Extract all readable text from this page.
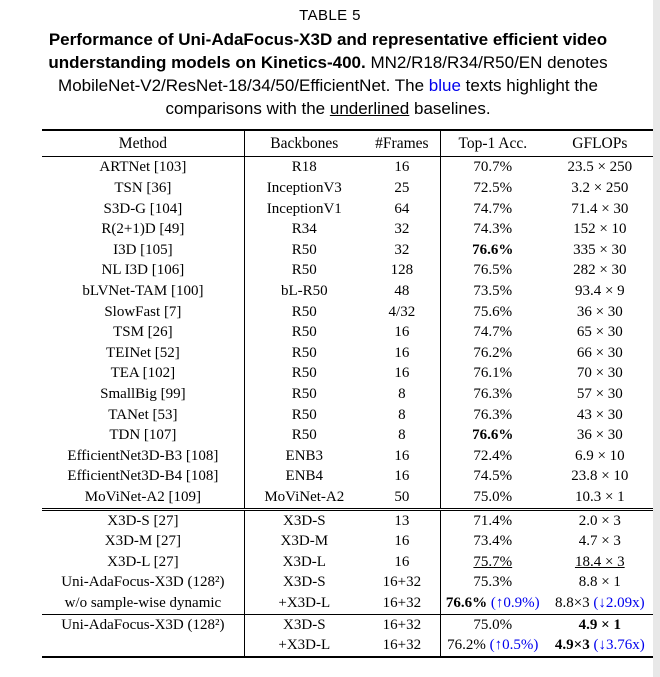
TABLE 5

Performance of Uni-AdaFocus-X3D and representative efficient video understanding models on Kinetics-400. MN2/R18/R34/R50/EN denotes MobileNet-V2/ResNet-18/34/50/EfficientNet. The blue texts highlight the comparisons with the underlined baselines.

Method	Backbones	#Frames	Top-1 Acc.	GFLOPs
ARTNet [103]	R18	16	70.7%	23.5 × 250
TSN [36]	InceptionV3	25	72.5%	3.2 × 250
S3D-G [104]	InceptionV1	64	74.7%	71.4 × 30
R(2+1)D [49]	R34	32	74.3%	152 × 10
I3D [105]	R50	32	76.6%	335 × 30
NL I3D [106]	R50	128	76.5%	282 × 30
bLVNet-TAM [100]	bL-R50	48	73.5%	93.4 × 9
SlowFast [7]	R50	4/32	75.6%	36 × 30
TSM [26]	R50	16	74.7%	65 × 30
TEINet [52]	R50	16	76.2%	66 × 30
TEA [102]	R50	16	76.1%	70 × 30
SmallBig [99]	R50	8	76.3%	57 × 30
TANet [53]	R50	8	76.3%	43 × 30
TDN [107]	R50	8	76.6%	36 × 30
EfficientNet3D-B3 [108]	ENB3	16	72.4%	6.9 × 10
EfficientNet3D-B4 [108]	ENB4	16	74.5%	23.8 × 10
MoViNet-A2 [109]	MoViNet-A2	50	75.0%	10.3 × 1
X3D-S [27]	X3D-S	13	71.4%	2.0 × 3
X3D-M [27]	X3D-M	16	73.4%	4.7 × 3
X3D-L [27]	X3D-L	16	75.7%	18.4 × 3
Uni-AdaFocus-X3D (128²)	X3D-S	16+32	75.3%	8.8 × 1
w/o sample-wise dynamic	+X3D-L	16+32	76.6% (↑0.9%)	8.8×3 (↓2.09x)
Uni-AdaFocus-X3D (128²)	X3D-S	16+32	75.0%	4.9 × 1
	+X3D-L	16+32	76.2% (↑0.5%)	4.9×3 (↓3.76x)
